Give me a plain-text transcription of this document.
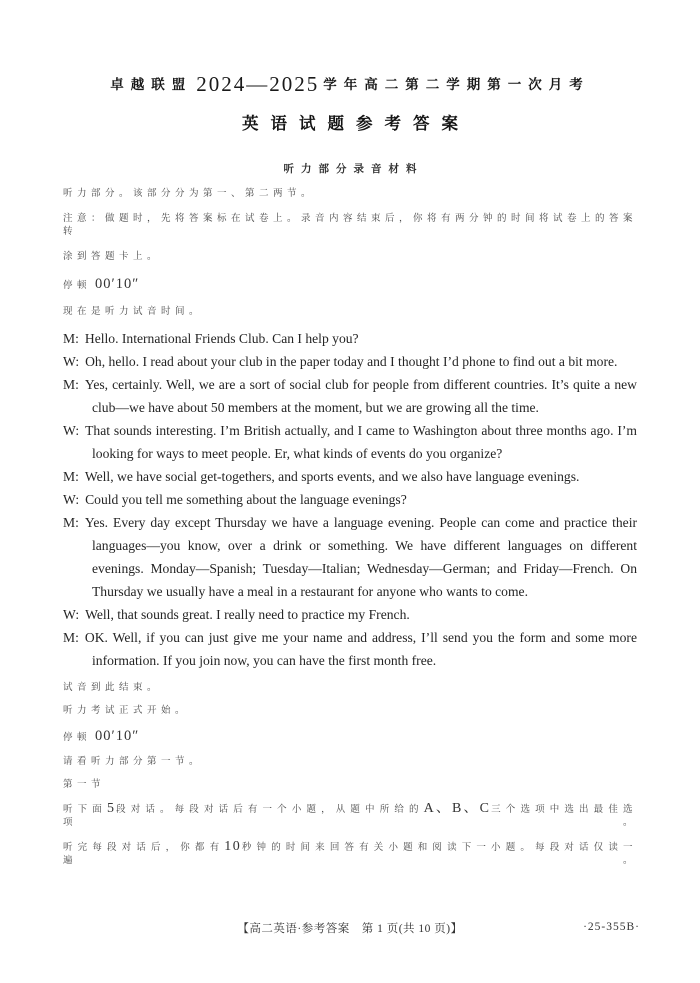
卓越联盟 2024—2025 学年高二第二学期第一次月考
英语试题参考答案
听力部分录音材料
听力部分。该部分分为第一、第二两节。
注意：做题时，先将答案标在试卷上。录音内容结束后，你将有两分钟的时间将试卷上的答案转
涂到答题卡上。
停顿 00′10″
现在是听力试音时间。
M: Hello. International Friends Club. Can I help you?
W: Oh, hello. I read about your club in the paper today and I thought I’d phone to find out a bit more.
M: Yes, certainly. Well, we are a sort of social club for people from different countries. It’s quite a new club—we have about 50 members at the moment, but we are growing all the time.
W: That sounds interesting. I’m British actually, and I came to Washington about three months ago. I’m looking for ways to meet people. Er, what kinds of events do you organize?
M: Well, we have social get-togethers, and sports events, and we also have language evenings.
W: Could you tell me something about the language evenings?
M: Yes. Every day except Thursday we have a language evening. People can come and practice their languages—you know, over a drink or something. We have different languages on different evenings. Monday—Spanish; Tuesday—Italian; Wednesday—German; and Friday—French. On Thursday we usually have a meal in a restaurant for anyone who wants to come.
W: Well, that sounds great. I really need to practice my French.
M: OK. Well, if you can just give me your name and address, I’ll send you the form and some more information. If you join now, you can have the first month free.
试音到此结束。
听力考试正式开始。
停顿 00′10″
请看听力部分第一节。
第一节
听下面5段对话。每段对话后有一个小题，从题中所给的A、B、C三个选项中选出最佳选项。
听完每段对话后，你都有10秒钟的时间来回答有关小题和阅读下一小题。每段对话仅读一遍。
【高二英语·参考答案　第 1 页(共 10 页)】	·25-355B·
